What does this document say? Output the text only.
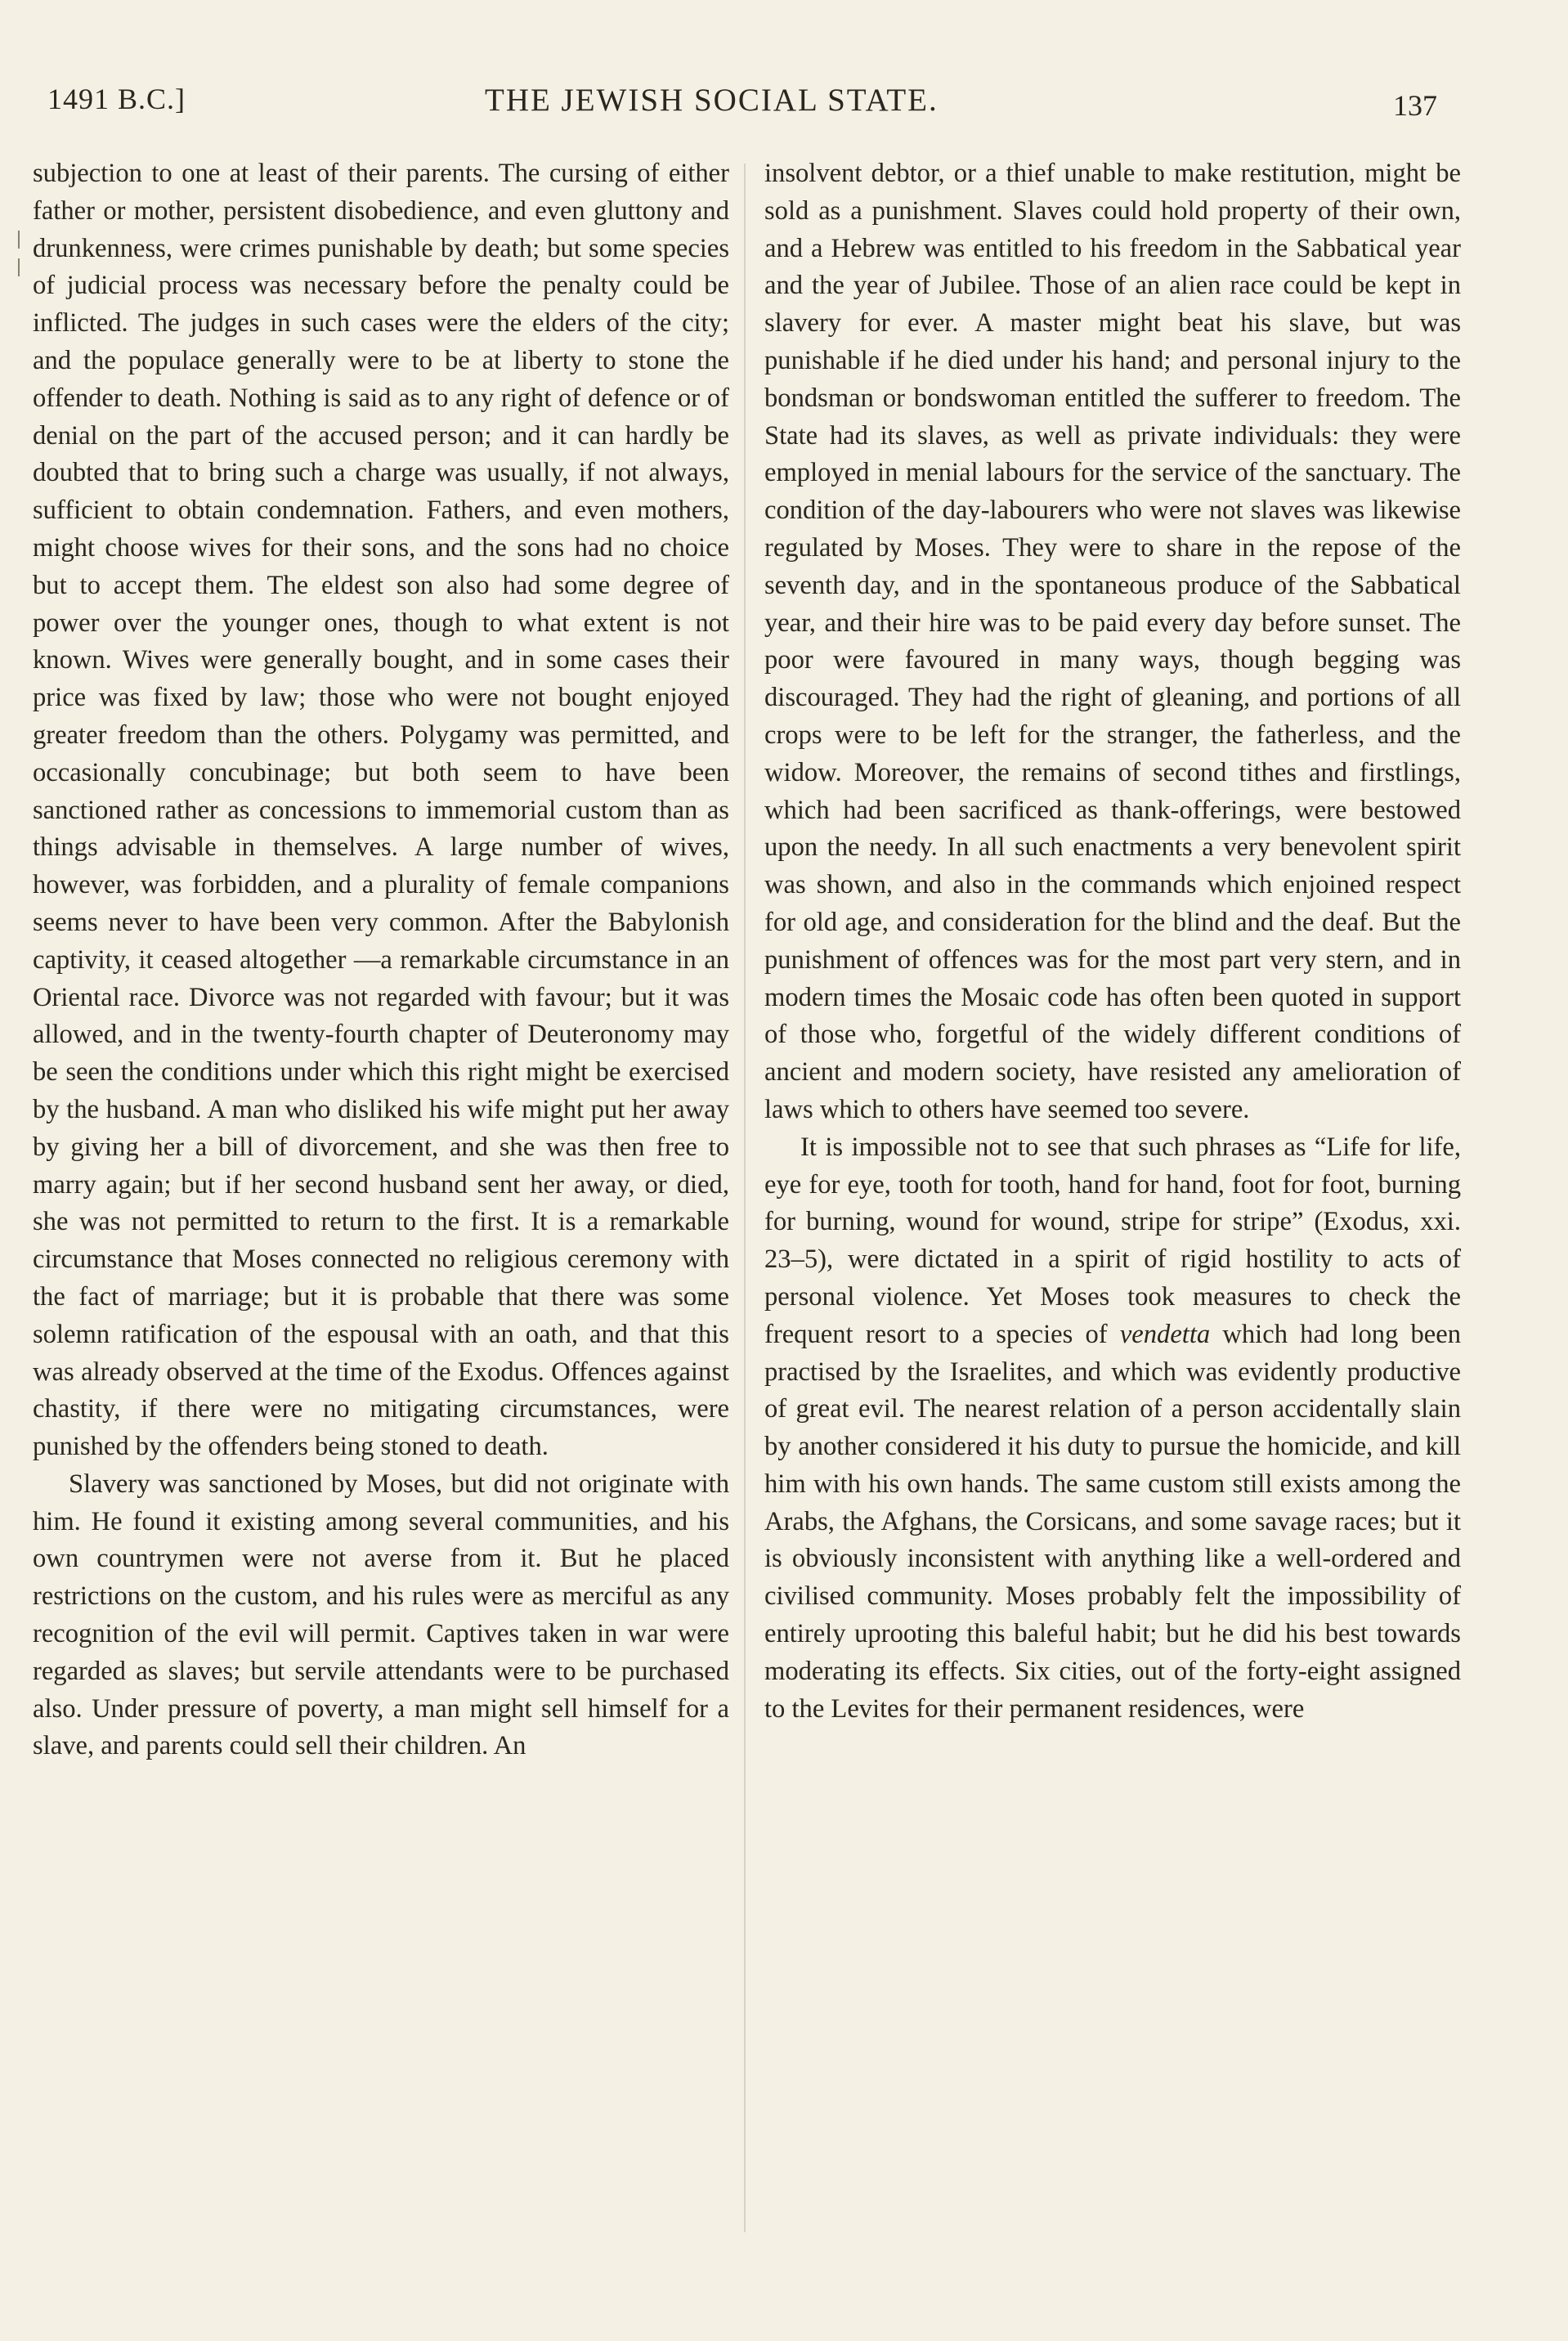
1491 B.C.]	THE JEWISH SOCIAL STATE.	137

subjection to one at least of their parents. The cursing of either father or mother, persistent disobedience, and even gluttony and drunkenness, were crimes punishable by death; but some species of judicial process was necessary before the penalty could be inflicted. The judges in such cases were the elders of the city; and the populace generally were to be at liberty to stone the offender to death. Nothing is said as to any right of defence or of denial on the part of the accused person; and it can hardly be doubted that to bring such a charge was usually, if not always, sufficient to obtain condemnation. Fathers, and even mothers, might choose wives for their sons, and the sons had no choice but to accept them. The eldest son also had some degree of power over the younger ones, though to what extent is not known. Wives were generally bought, and in some cases their price was fixed by law; those who were not bought enjoyed greater freedom than the others. Polygamy was permitted, and occasionally concubinage; but both seem to have been sanctioned rather as concessions to immemorial custom than as things advisable in themselves. A large number of wives, however, was forbidden, and a plurality of female companions seems never to have been very common. After the Babylonish captivity, it ceased altogether —a remarkable circumstance in an Oriental race. Divorce was not regarded with favour; but it was allowed, and in the twenty-fourth chapter of Deuteronomy may be seen the conditions under which this right might be exercised by the husband. A man who disliked his wife might put her away by giving her a bill of divorcement, and she was then free to marry again; but if her second husband sent her away, or died, she was not permitted to return to the first. It is a remarkable circumstance that Moses connected no religious ceremony with the fact of marriage; but it is probable that there was some solemn ratification of the espousal with an oath, and that this was already observed at the time of the Exodus. Offences against chastity, if there were no mitigating circumstances, were punished by the offenders being stoned to death.

Slavery was sanctioned by Moses, but did not originate with him. He found it existing among several communities, and his own countrymen were not averse from it. But he placed restrictions on the custom, and his rules were as merciful as any recognition of the evil will permit. Captives taken in war were regarded as slaves; but servile attendants were to be purchased also. Under pressure of poverty, a man might sell himself for a slave, and parents could sell their children. An

insolvent debtor, or a thief unable to make restitution, might be sold as a punishment. Slaves could hold property of their own, and a Hebrew was entitled to his freedom in the Sabbatical year and the year of Jubilee. Those of an alien race could be kept in slavery for ever. A master might beat his slave, but was punishable if he died under his hand; and personal injury to the bondsman or bondswoman entitled the sufferer to freedom. The State had its slaves, as well as private individuals: they were employed in menial labours for the service of the sanctuary. The condition of the day-labourers who were not slaves was likewise regulated by Moses. They were to share in the repose of the seventh day, and in the spontaneous produce of the Sabbatical year, and their hire was to be paid every day before sunset. The poor were favoured in many ways, though begging was discouraged. They had the right of gleaning, and portions of all crops were to be left for the stranger, the fatherless, and the widow. Moreover, the remains of second tithes and firstlings, which had been sacrificed as thank-offerings, were bestowed upon the needy. In all such enactments a very benevolent spirit was shown, and also in the commands which enjoined respect for old age, and consideration for the blind and the deaf. But the punishment of offences was for the most part very stern, and in modern times the Mosaic code has often been quoted in support of those who, forgetful of the widely different conditions of ancient and modern society, have resisted any amelioration of laws which to others have seemed too severe.

It is impossible not to see that such phrases as “Life for life, eye for eye, tooth for tooth, hand for hand, foot for foot, burning for burning, wound for wound, stripe for stripe” (Exodus, xxi. 23–5), were dictated in a spirit of rigid hostility to acts of personal violence. Yet Moses took measures to check the frequent resort to a species of vendetta which had long been practised by the Israelites, and which was evidently productive of great evil. The nearest relation of a person accidentally slain by another considered it his duty to pursue the homicide, and kill him with his own hands. The same custom still exists among the Arabs, the Afghans, the Corsicans, and some savage races; but it is obviously inconsistent with anything like a well-ordered and civilised community. Moses probably felt the impossibility of entirely uprooting this baleful habit; but he did his best towards moderating its effects. Six cities, out of the forty-eight assigned to the Levites for their permanent residences, were
